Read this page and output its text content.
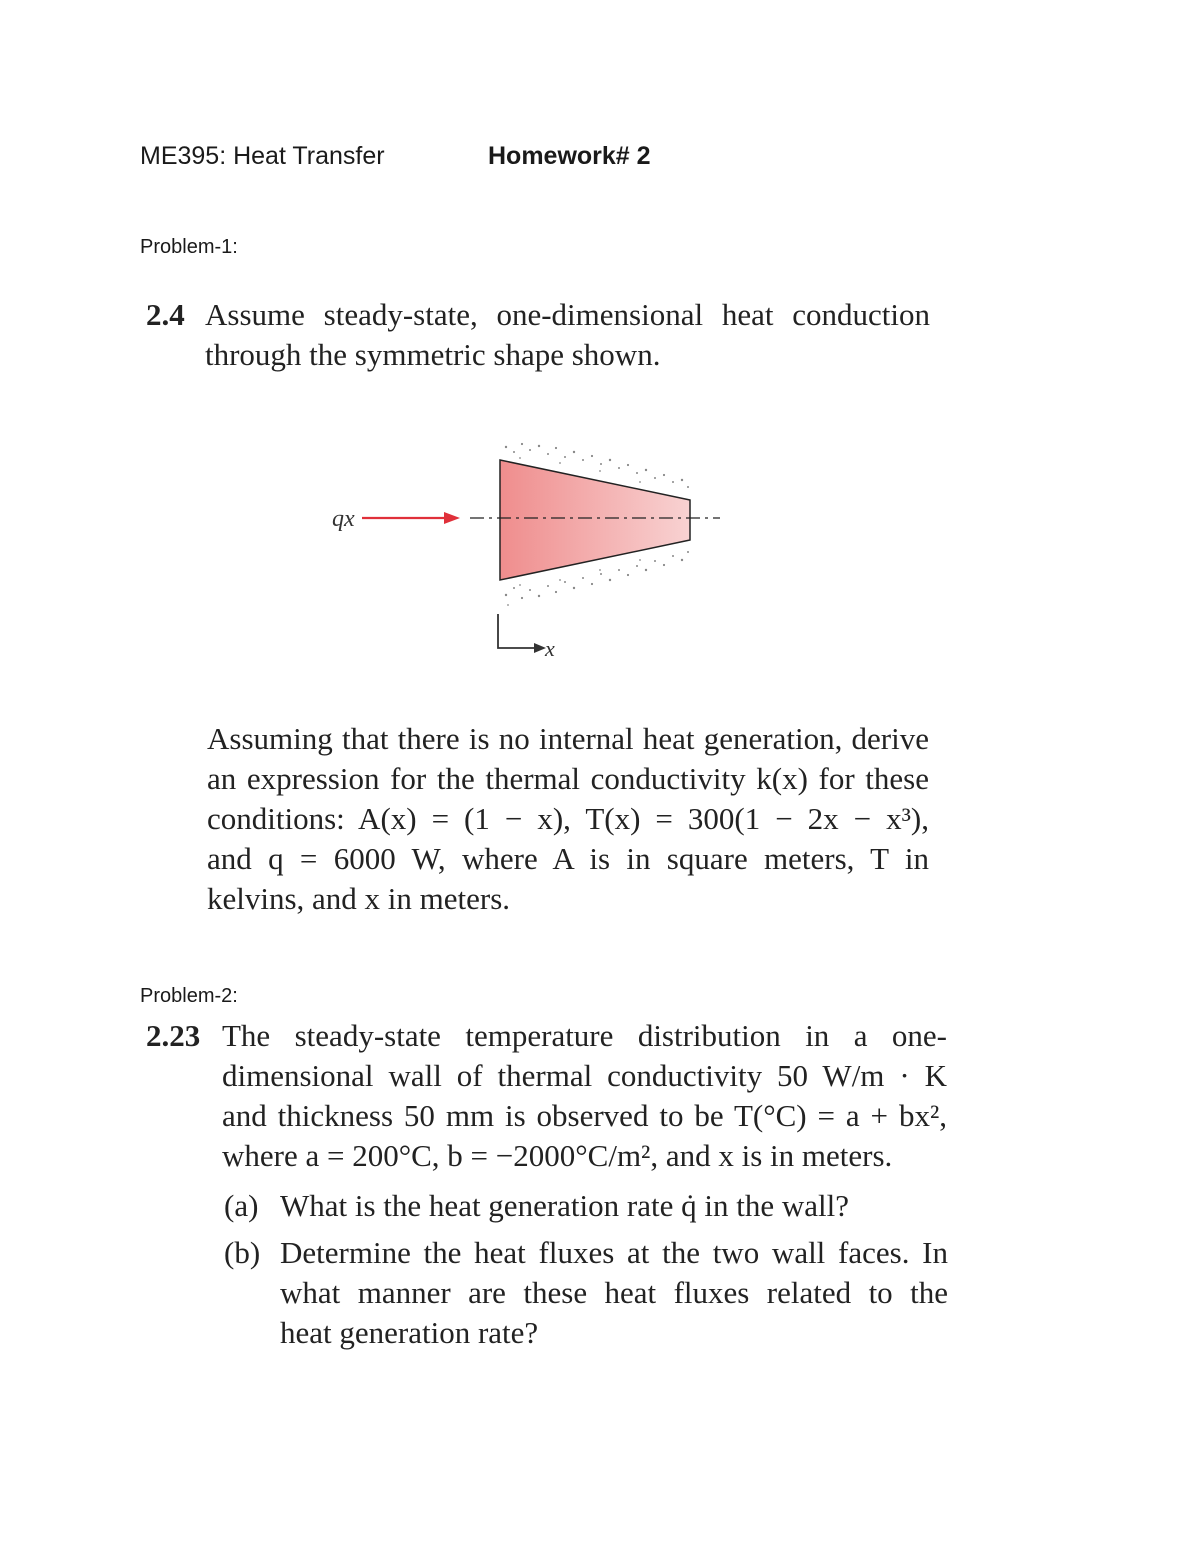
ME395: Heat Transfer	Homework# 2
Problem-1:
2.4 Assume steady-state, one-dimensional heat conduction
through the symmetric shape shown.
qx
x
Assuming that there is no internal heat generation, derive
an expression for the thermal conductivity k(x) for these
conditions: A(x) = (1 − x), T(x) = 300(1 − 2x − x³),
and q = 6000 W, where A is in square meters, T in
kelvins, and x in meters.
Problem-2:
2.23 The steady-state temperature distribution in a one-
dimensional wall of thermal conductivity 50 W/m · K
and thickness 50 mm is observed to be T(°C) = a + bx²,
where a = 200°C, b = −2000°C/m², and x is in meters.
(a) What is the heat generation rate q̇ in the wall?
(b) Determine the heat fluxes at the two wall faces. In
what manner are these heat fluxes related to the
heat generation rate?
